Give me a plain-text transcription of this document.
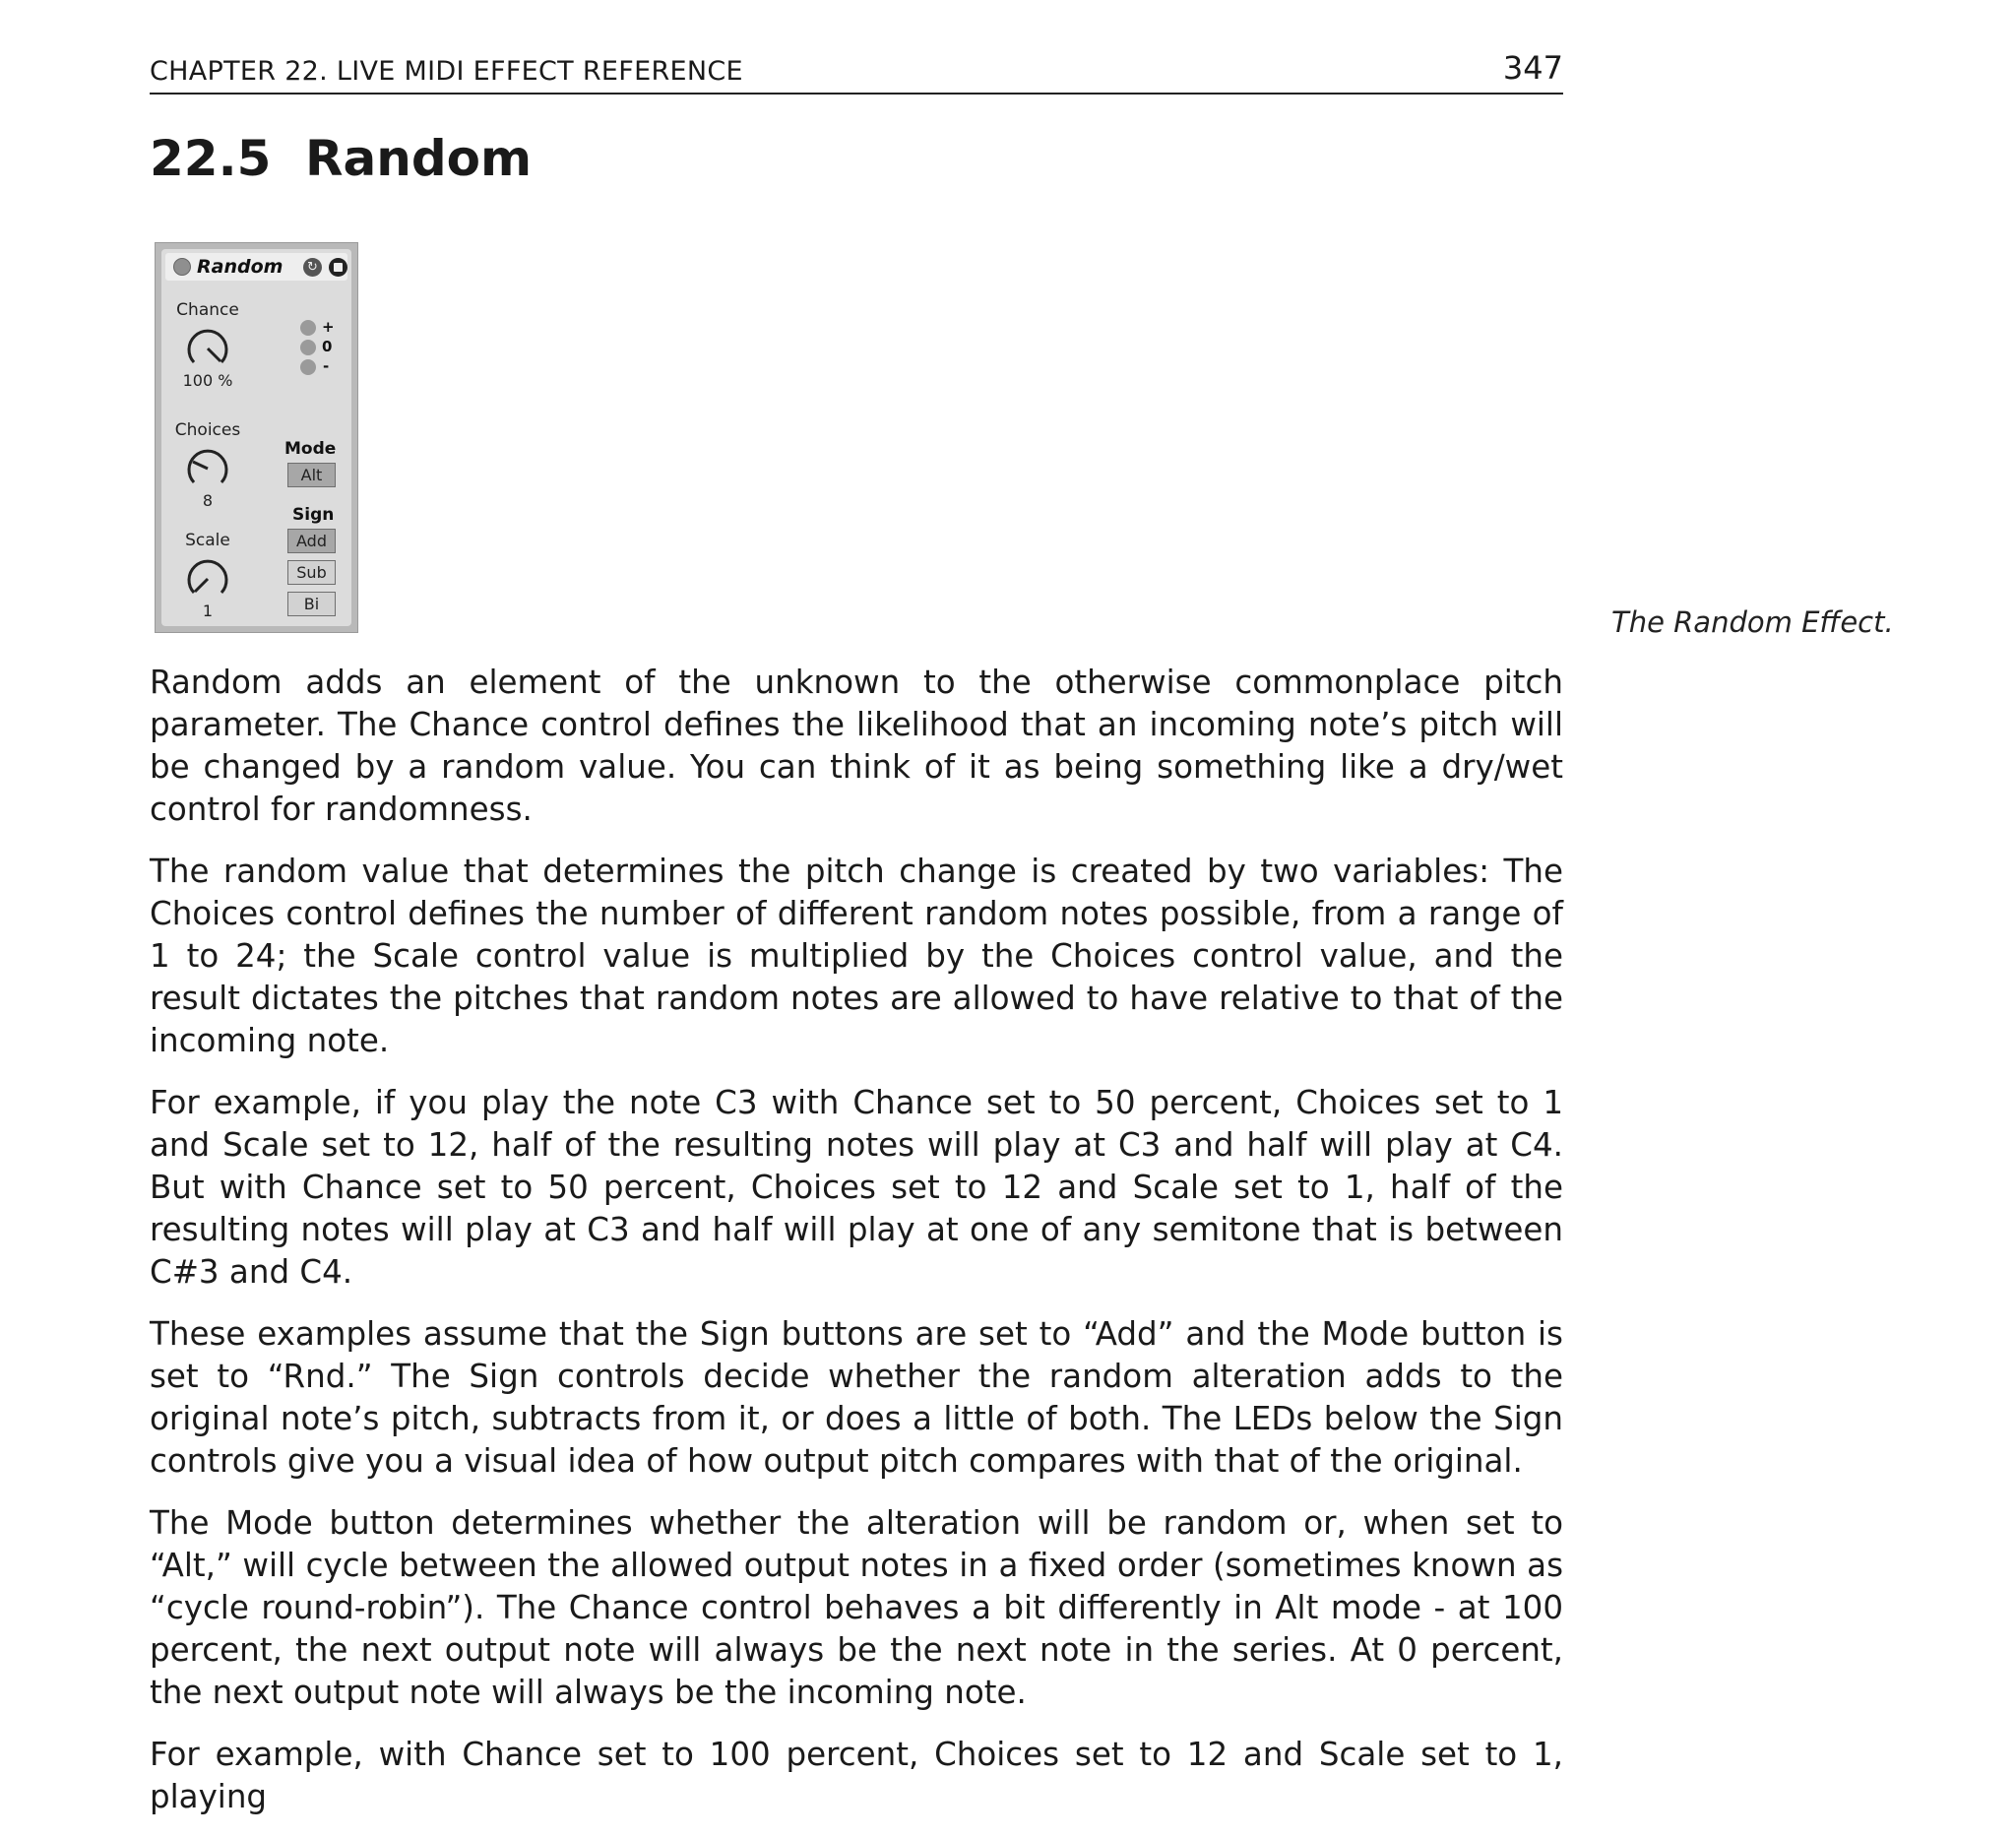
CHAPTER 22. LIVE MIDI EFFECT REFERENCE	347
22.5 Random
Random	↻
Chance
100 %
Choices
8
Scale
1
+
0
-
Mode
Alt
Sign
Add
Sub
Bi
The Random Effect.

Random adds an element of the unknown to the otherwise commonplace pitch parameter. The Chance control defines the likelihood that an incoming note’s pitch will be changed by a random value. You can think of it as being something like a dry/wet control for randomness.

The random value that determines the pitch change is created by two variables: The Choices control defines the number of different random notes possible, from a range of 1 to 24; the Scale control value is multiplied by the Choices control value, and the result dictates the pitches that random notes are allowed to have relative to that of the incoming note.

For example, if you play the note C3 with Chance set to 50 percent, Choices set to 1 and Scale set to 12, half of the resulting notes will play at C3 and half will play at C4. But with Chance set to 50 percent, Choices set to 12 and Scale set to 1, half of the resulting notes will play at C3 and half will play at one of any semitone that is between C#3 and C4.

These examples assume that the Sign buttons are set to “Add” and the Mode button is set to “Rnd.” The Sign controls decide whether the random alteration adds to the original note’s pitch, subtracts from it, or does a little of both. The LEDs below the Sign controls give you a visual idea of how output pitch compares with that of the original.

The Mode button determines whether the alteration will be random or, when set to “Alt,” will cycle between the allowed output notes in a fixed order (sometimes known as “cycle round-robin”). The Chance control behaves a bit differently in Alt mode - at 100 percent, the next output note will always be the next note in the series. At 0 percent, the next output note will always be the incoming note.

For example, with Chance set to 100 percent, Choices set to 12 and Scale set to 1, playing
